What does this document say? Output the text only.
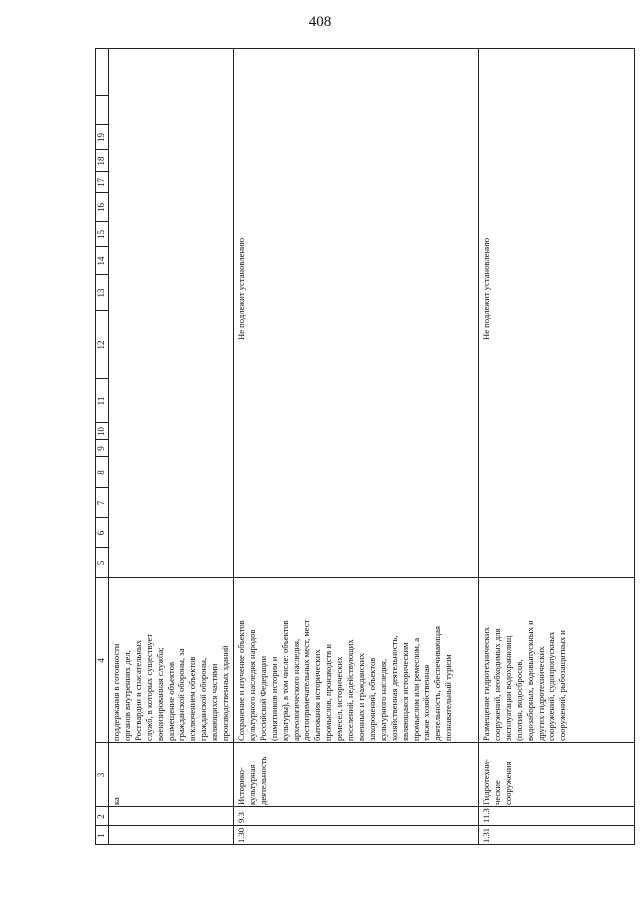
408
1
2
3
4
5
6
7
8
9
10
11
12
13
14
15
16
17
18
19
ка
поддержания в готовности органов внутренних дел, Росгвардии и спасательных служб, в которых существует военизированная служба; размещение объектов гражданской обороны, за исключением объектов гражданской обороны, являющихся частями производственных зданий
1.30
9.3
Историко- культурная деятельность
Сохранение и изучение объектов культурного наследия народов Российской Федерации (памятников истории и культуры), в том числе: объектов археологического наследия, достопримечательных мест, мест бытования исторических промыслов, производств и ремесел, исторических поселений, недействующих военных и гражданских захоронений, объектов культурного наследия, хозяйственная деятельность, являющаяся историческим промыслом или ремеслом, а также хозяйственная деятельность, обеспечивающая познавательный туризм
Не подлежит установлению
1.31
11.3
Гидротехни- ческие сооружения
Размещение гидротехнических сооружений, необходимых для эксплуатации водохранилищ (плотин, водосбросов, водозаборных, водовыпускных и других гидротехнических сооружений, судопропускных сооружений, рыбозащитных и
Не подлежит установлению
